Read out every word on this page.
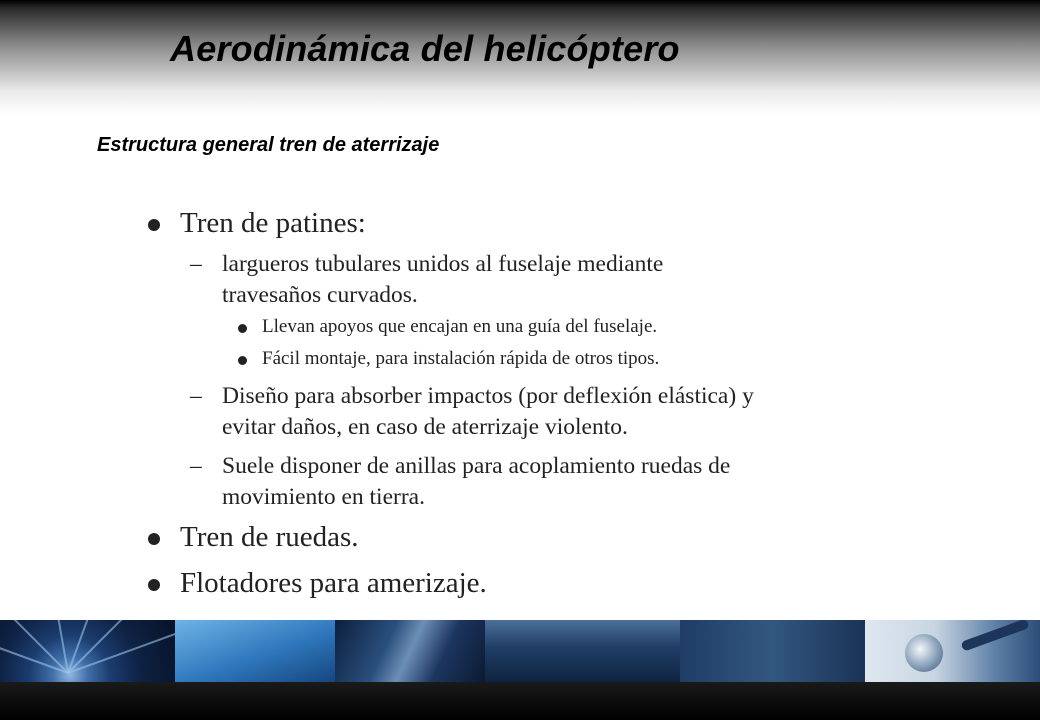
Aerodinámica del helicóptero
Estructura general tren de aterrizaje
Tren de patines:
– largueros tubulares unidos al fuselaje mediante
travesaños curvados.
Llevan apoyos que encajan en una guía del fuselaje.
Fácil montaje, para instalación rápida de otros tipos.
– Diseño para absorber impactos (por deflexión elástica) y
evitar daños, en caso de aterrizaje violento.
– Suele disponer de anillas para acoplamiento ruedas de
movimiento en tierra.
Tren de ruedas.
Flotadores para amerizaje.
